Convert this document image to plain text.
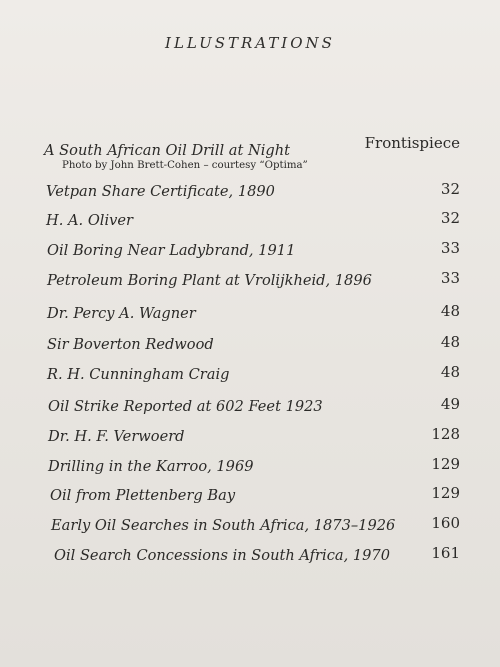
ILLUSTRATIONS
A South African Oil Drill at Night	Frontispiece
Photo by John Brett-Cohen – courtesy “Optima”
Vetpan Share Certificate, 1890	32
H. A. Oliver	32
Oil Boring Near Ladybrand, 1911	33
Petroleum Boring Plant at Vrolijkheid, 1896	33
Dr. Percy A. Wagner	48
Sir Boverton Redwood	48
R. H. Cunningham Craig	48
Oil Strike Reported at 602 Feet 1923	49
Dr. H. F. Verwoerd	128
Drilling in the Karroo, 1969	129
Oil from Plettenberg Bay	129
Early Oil Searches in South Africa, 1873–1926 160
Oil Search Concessions in South Africa, 1970	161
